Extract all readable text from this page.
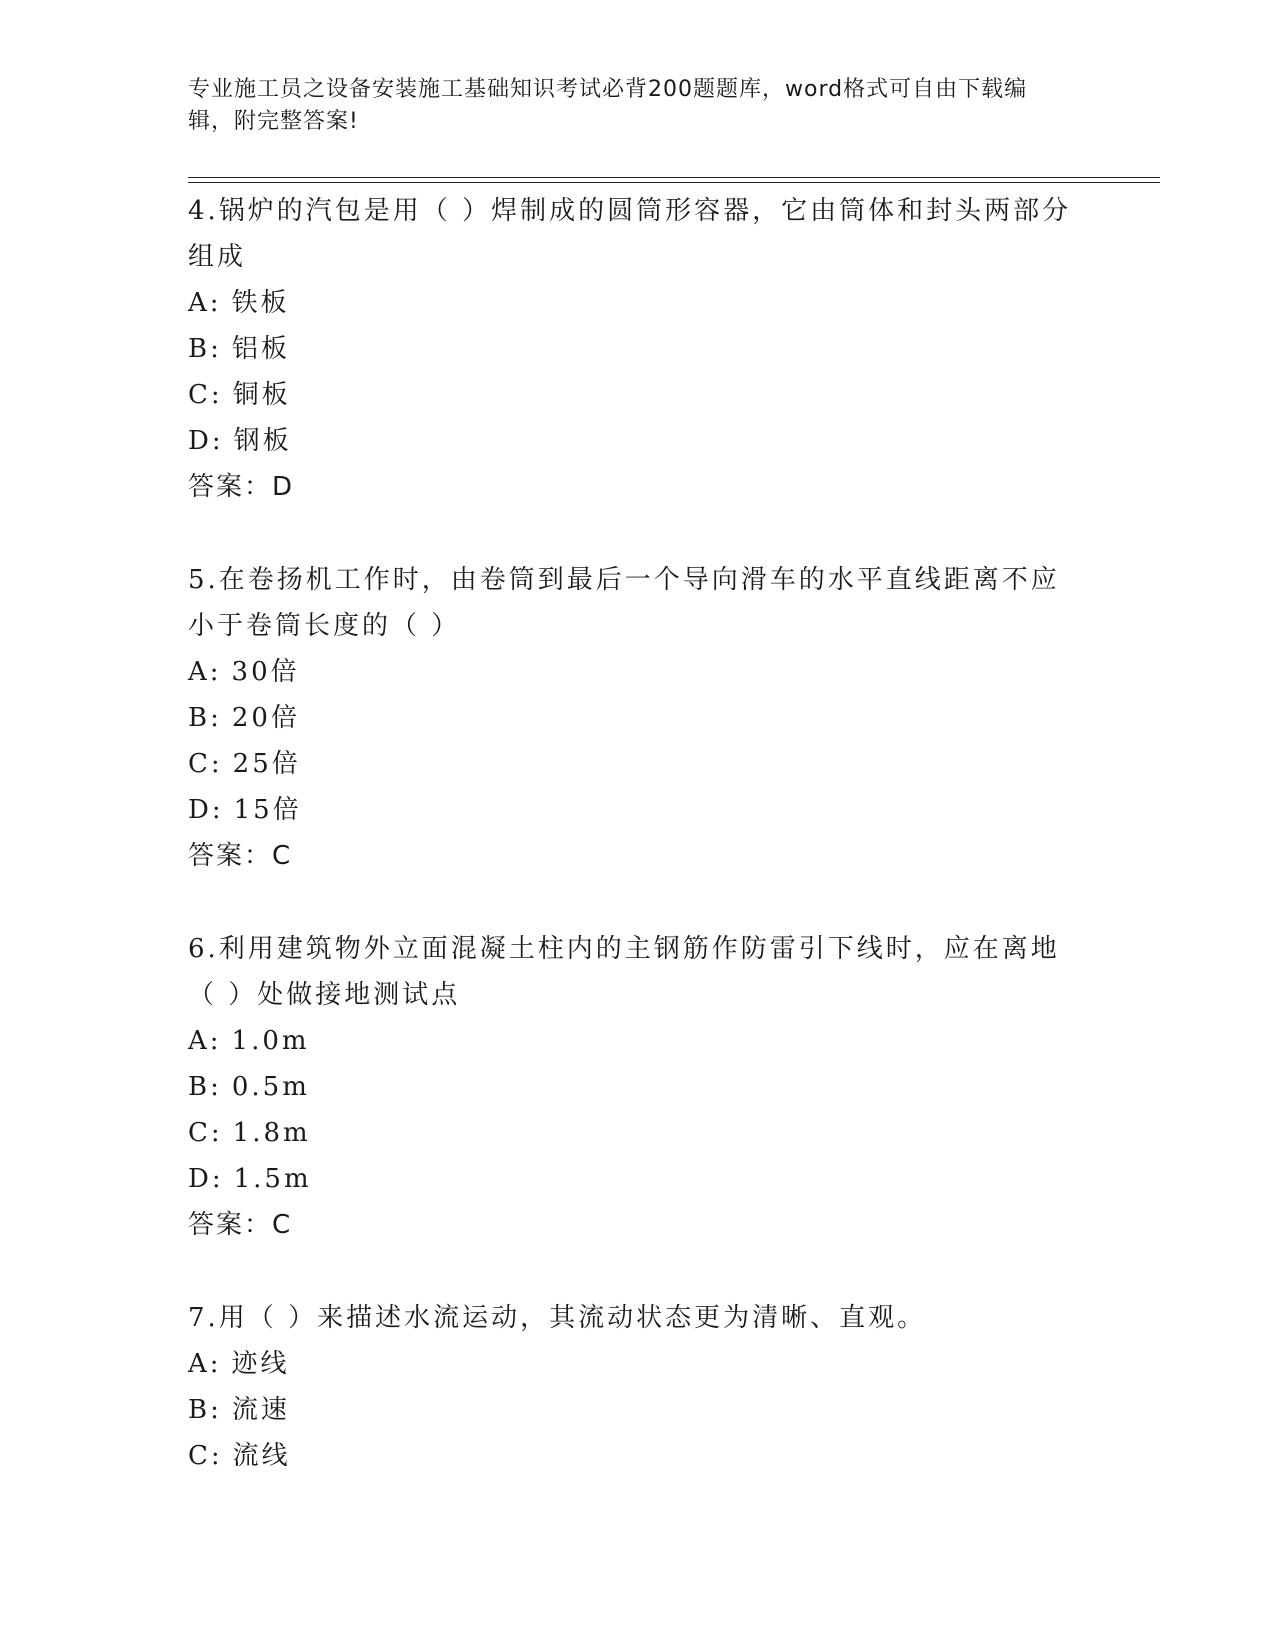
专业施工员之设备安装施工基础知识考试必背200题题库，word格式可自由下载编辑，附完整答案!

4.锅炉的汽包是用（ ）焊制成的圆筒形容器，它由筒体和封头两部分组成

A: 铁板

B: 铝板

C: 铜板

D: 钢板

答案：D

5.在卷扬机工作时，由卷筒到最后一个导向滑车的水平直线距离不应小于卷筒长度的（ ）

A: 30倍

B: 20倍

C: 25倍

D: 15倍

答案：C

6.利用建筑物外立面混凝土柱内的主钢筋作防雷引下线时，应在离地（ ）处做接地测试点

A: 1.0m

B: 0.5m

C: 1.8m

D: 1.5m

答案：C

7.用（ ）来描述水流运动，其流动状态更为清晰、直观。

A: 迹线

B: 流速

C: 流线
